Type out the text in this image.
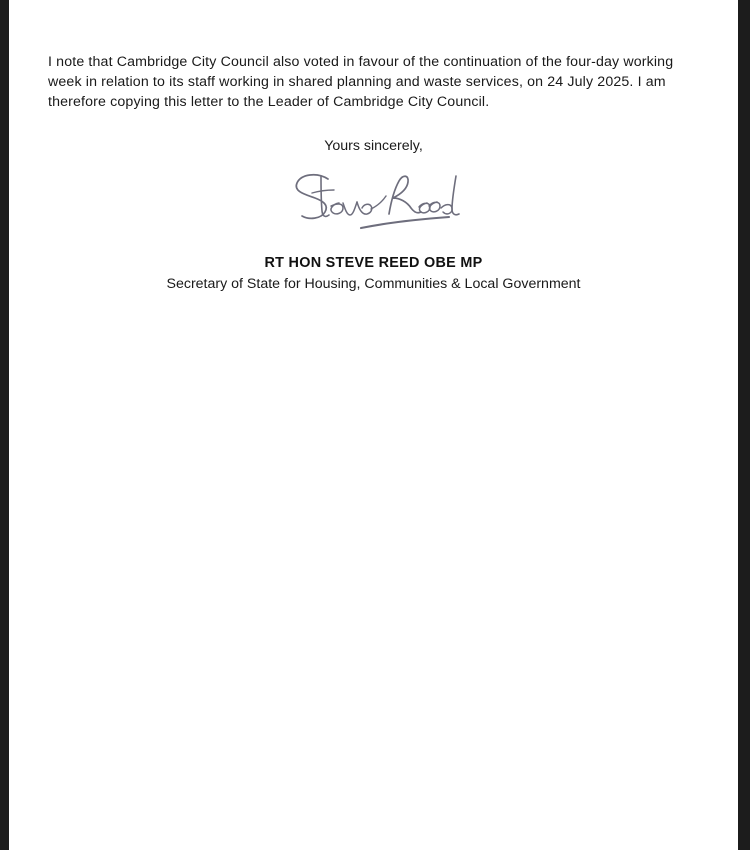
I note that Cambridge City Council also voted in favour of the continuation of the four-day working week in relation to its staff working in shared planning and waste services, on 24 July 2025. I am therefore copying this letter to the Leader of Cambridge City Council.

Yours sincerely,
RT HON STEVE REED OBE MP
Secretary of State for Housing, Communities & Local Government
